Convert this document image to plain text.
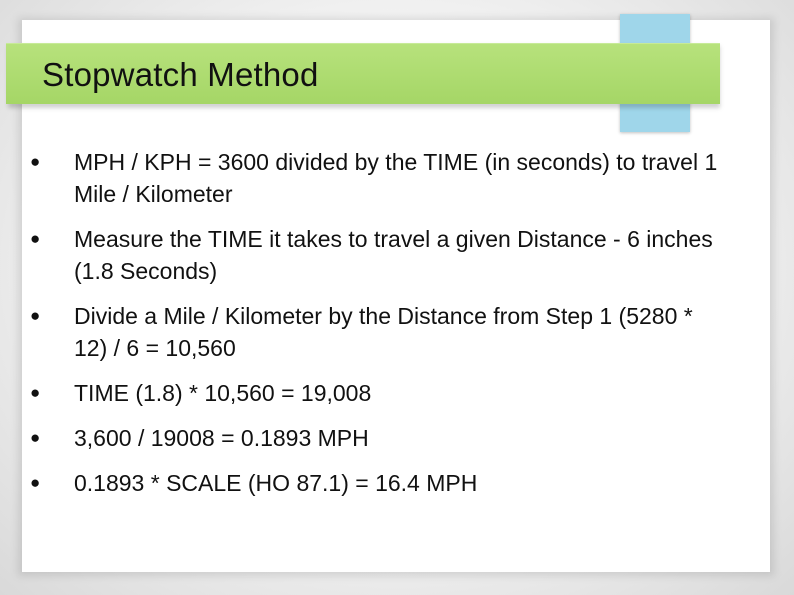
Stopwatch Method
● MPH / KPH = 3600 divided by the TIME (in seconds) to travel 1 Mile / Kilometer
● Measure the TIME it takes to travel a given Distance - 6 inches   (1.8 Seconds)
● Divide a Mile / Kilometer by the Distance from Step 1 (5280 * 12) / 6 = 10,560
● TIME (1.8) * 10,560 = 19,008
● 3,600 / 19008 = 0.1893 MPH
● 0.1893 * SCALE (HO 87.1) = 16.4 MPH
